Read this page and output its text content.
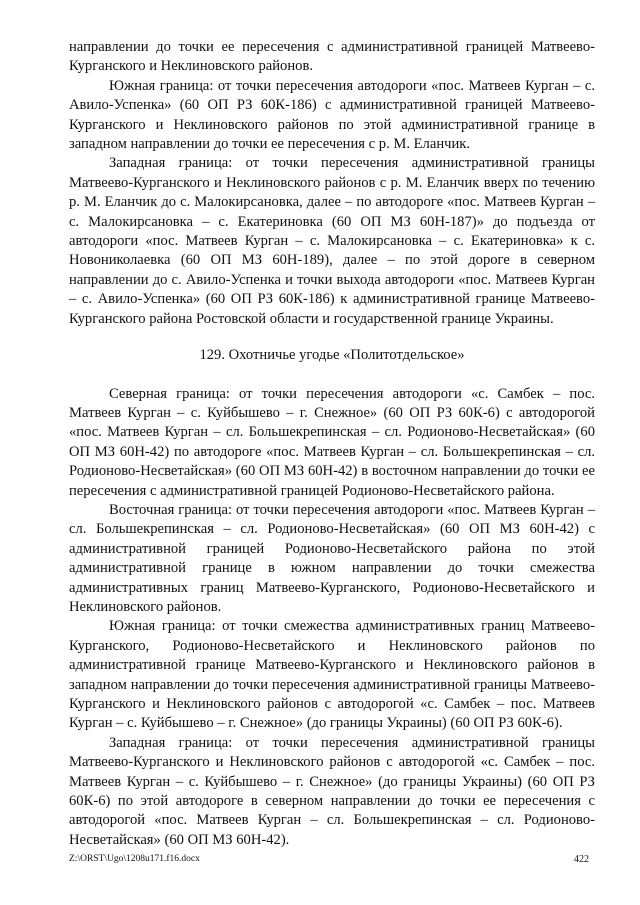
направлении до точки ее пересечения с административной границей Матвеево-Курганского и Неклиновского районов.

Южная граница: от точки пересечения автодороги «пос. Матвеев Курган – с. Авило-Успенка» (60 ОП РЗ 60К-186) с административной границей Матвеево-Курганского и Неклиновского районов по этой административной границе в западном направлении до точки ее пересечения с р. М. Еланчик.

Западная граница: от точки пересечения административной границы Матвеево-Курганского и Неклиновского районов с р. М. Еланчик вверх по течению р. М. Еланчик до с. Малокирсановка, далее – по автодороге «пос. Матвеев Курган – с. Малокирсановка – с. Екатериновка (60 ОП МЗ 60Н-187)» до подъезда от автодороги «пос. Матвеев Курган – с. Малокирсановка – с. Екатериновка» к с. Новониколаевка (60 ОП МЗ 60Н-189), далее – по этой дороге в северном направлении до с. Авило-Успенка и точки выхода автодороги «пос. Матвеев Курган – с. Авило-Успенка» (60 ОП РЗ 60К-186) к административной границе Матвеево-Курганского района Ростовской области и государственной границе Украины.

129. Охотничье угодье «Политотдельское»

Северная граница: от точки пересечения автодороги «с. Самбек – пос. Матвеев Курган – с. Куйбышево – г. Снежное» (60 ОП РЗ 60К-6) с автодорогой «пос. Матвеев Курган – сл. Большекрепинская – сл. Родионово-Несветайская» (60 ОП МЗ 60Н-42) по автодороге «пос. Матвеев Курган – сл. Большекрепинская – сл. Родионово-Несветайская» (60 ОП МЗ 60Н-42) в восточном направлении до точки ее пересечения с административной границей Родионово-Несветайского района.

Восточная граница: от точки пересечения автодороги «пос. Матвеев Курган – сл. Большекрепинская – сл. Родионово-Несветайская» (60 ОП МЗ 60Н-42) с административной границей Родионово-Несветайского района по этой административной границе в южном направлении до точки смежества административных границ Матвеево-Курганского, Родионово-Несветайского и Неклиновского районов.

Южная граница: от точки смежества административных границ Матвеево-Курганского, Родионово-Несветайского и Неклиновского районов по административной границе Матвеево-Курганского и Неклиновского районов в западном направлении до точки пересечения административной границы Матвеево-Курганского и Неклиновского районов с автодорогой «с. Самбек – пос. Матвеев Курган – с. Куйбышево – г. Снежное» (до границы Украины) (60 ОП РЗ 60К-6).

Западная граница: от точки пересечения административной границы Матвеево-Курганского и Неклиновского районов с автодорогой «с. Самбек – пос. Матвеев Курган – с. Куйбышево – г. Снежное» (до границы Украины) (60 ОП РЗ 60К-6) по этой автодороге в северном направлении до точки ее пересечения с автодорогой «пос. Матвеев Курган – сл. Большекрепинская – сл. Родионово-Несветайская» (60 ОП МЗ 60Н-42).

Z:\ORST\Ugo\1208u171.f16.docx	422
